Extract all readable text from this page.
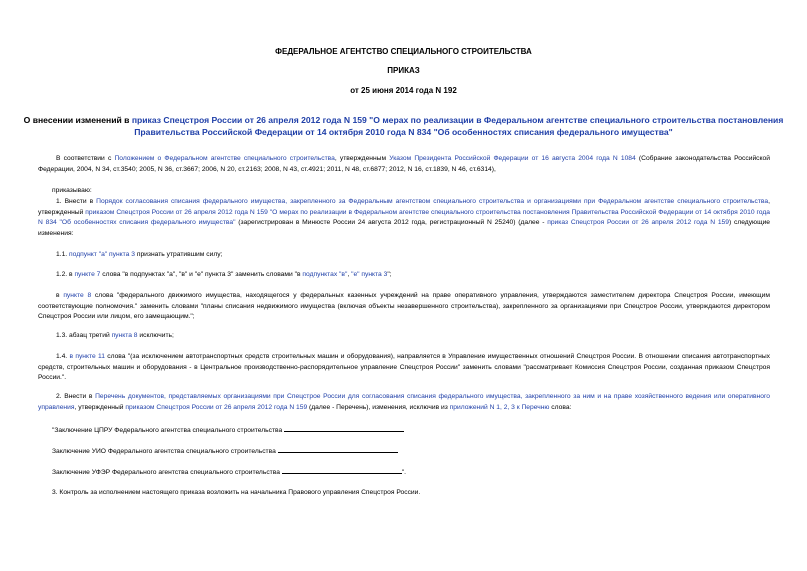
ФЕДЕРАЛЬНОЕ АГЕНТСТВО СПЕЦИАЛЬНОГО СТРОИТЕЛЬСТВА
ПРИКАЗ
от 25 июня 2014 года N 192
О внесении изменений в приказ Спецстроя России от 26 апреля 2012 года N 159 "О мерах по реализации в Федеральном агентстве специального строительства постановления Правительства Российской Федерации от 14 октября 2010 года N 834 "Об особенностях списания федерального имущества"
В соответствии с Положением о Федеральном агентстве специального строительства, утвержденным Указом Президента Российской Федерации от 16 августа 2004 года N 1084 (Собрание законодательства Российской Федерации, 2004, N 34, ст.3540; 2005, N 36, ст.3667; 2006, N 20, ст.2163; 2008, N 43, ст.4921; 2011, N 48, ст.6877; 2012, N 16, ст.1839, N 46, ст.6314),
приказываю:
1. Внести в Порядок согласования списания федерального имущества, закрепленного за Федеральным агентством специального строительства и организациями при Федеральном агентстве специального строительства, утвержденный приказом Спецстроя России от 26 апреля 2012 года N 159 "О мерах по реализации в Федеральном агентстве специального строительства постановления Правительства Российской Федерации от 14 октября 2010 года N 834 "Об особенностях списания федерального имущества" (зарегистрирован в Минюсте России 24 августа 2012 года, регистрационный N 25240) (далее - приказ Спецстроя России от 26 апреля 2012 года N 159) следующие изменения:
1.1. подпункт "а" пункта 3 признать утратившим силу;
1.2. в пункте 7 слова "в подпунктах "а", "в" и "е" пункта 3" заменить словами "в подпунктах "в", "е" пункта 3";
в пункте 8 слова "федерального движимого имущества, находящегося у федеральных казенных учреждений на праве оперативного управления, утверждаются заместителем директора Спецстроя России, имеющим соответствующие полномочия." заменить словами "планы списания недвижимого имущества (включая объекты незавершенного строительства), закрепленного за организациями при Спецстрое России, утверждаются директором Спецстроя России или лицом, его замещающим.";
1.3. абзац третий пункта 8 исключить;
1.4. в пункте 11 слова "(за исключением автотранспортных средств строительных машин и оборудования), направляется в Управление имущественных отношений Спецстроя России. В отношении списания автотранспортных средств, строительных машин и оборудования - в Центральное производственно-распорядительное управление Спецстроя России" заменить словами "рассматривает Комиссия Спецстроя России, созданная приказом Спецстроя России.".
2. Внести в Перечень документов, представляемых организациями при Спецстрое России для согласования списания федерального имущества, закрепленного за ним и на праве хозяйственного ведения или оперативного управления, утвержденный приказом Спецстроя России от 26 апреля 2012 года N 159 (далее - Перечень), изменения, исключив из приложений N 1, 2, 3 к Перечню слова:
"Заключение ЦПРУ Федерального агентства специального строительства
Заключение УИО Федерального агентства специального строительства
Заключение УФЭР Федерального агентства специального строительства	".
3. Контроль за исполнением настоящего приказа возложить на начальника Правового управления Спецстроя России.
